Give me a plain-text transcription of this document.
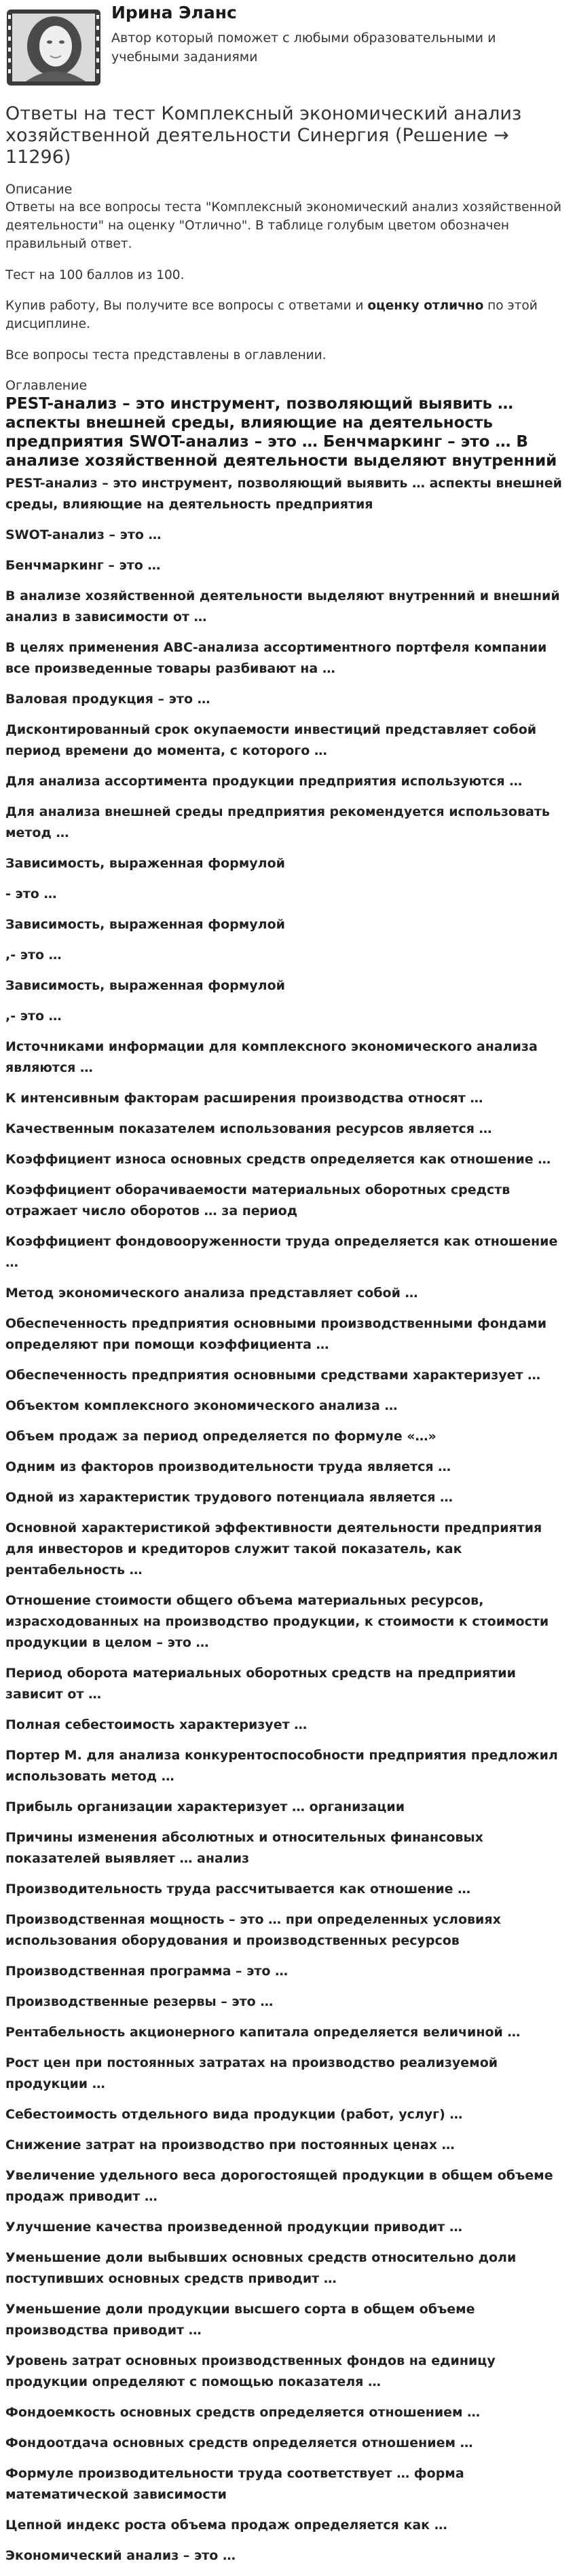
Ирина Эланс
Автор который поможет с любыми образовательными и учебными заданиями
Ответы на тест Комплексный экономический анализ хозяйственной деятельности Синергия (Решение → 11296)
Описание

Ответы на все вопросы теста "Комплексный экономический анализ хозяйственной деятельности" на оценку "Отлично". В таблице голубым цветом обозначен правильный ответ.

Тест на 100 баллов из 100.

Купив работу, Вы получите все вопросы с ответами и оценку отлично по этой дисциплине.

Все вопросы теста представлены в оглавлении.

Оглавление
PEST-анализ – это инструмент, позволяющий выявить … аспекты внешней среды, влияющие на деятельность предприятия SWOT-анализ – это … Бенчмаркинг – это … В анализе хозяйственной деятельности выделяют внутренний
PEST-анализ – это инструмент, позволяющий выявить … аспекты внешней среды, влияющие на деятельность предприятия
SWOT-анализ – это …
Бенчмаркинг – это …
В анализе хозяйственной деятельности выделяют внутренний и внешний анализ в зависимости от …
В целях применения АВС-анализа ассортиментного портфеля компании все произведенные товары разбивают на …
Валовая продукция – это …
Дисконтированный срок окупаемости инвестиций представляет собой период времени до момента, с которого …
Для анализа ассортимента продукции предприятия используются …
Для анализа внешней среды предприятия рекомендуется использовать метод …
Зависимость, выраженная формулой
- это …
Зависимость, выраженная формулой
,- это …
Зависимость, выраженная формулой
,- это …
Источниками информации для комплексного экономического анализа являются …
К интенсивным факторам расширения производства относят …
Качественным показателем использования ресурсов является …
Коэффициент износа основных средств определяется как отношение …
Коэффициент оборачиваемости материальных оборотных средств отражает число оборотов … за период
Коэффициент фондовооруженности труда определяется как отношение …
Метод экономического анализа представляет собой …
Обеспеченность предприятия основными производственными фондами определяют при помощи коэффициента …
Обеспеченность предприятия основными средствами характеризует …
Объектом комплексного экономического анализа …
Объем продаж за период определяется по формуле «…»
Одним из факторов производительности труда является …
Одной из характеристик трудового потенциала является …
Основной характеристикой эффективности деятельности предприятия для инвесторов и кредиторов служит такой показатель, как рентабельность …
Отношение стоимости общего объема материальных ресурсов, израсходованных на производство продукции, к стоимости к стоимости продукции в целом – это …
Период оборота материальных оборотных средств на предприятии зависит от …
Полная себестоимость характеризует …
Портер М. для анализа конкурентоспособности предприятия предложил использовать метод …
Прибыль организации характеризует … организации
Причины изменения абсолютных и относительных финансовых показателей выявляет … анализ
Производительность труда рассчитывается как отношение …
Производственная мощность – это … при определенных условиях использования оборудования и производственных ресурсов
Производственная программа – это …
Производственные резервы – это …
Рентабельность акционерного капитала определяется величиной …
Рост цен при постоянных затратах на производство реализуемой продукции …
Себестоимость отдельного вида продукции (работ, услуг) …
Снижение затрат на производство при постоянных ценах …
Увеличение удельного веса дорогостоящей продукции в общем объеме продаж приводит …
Улучшение качества произведенной продукции приводит …
Уменьшение доли выбывших основных средств относительно доли поступивших основных средств приводит …
Уменьшение доли продукции высшего сорта в общем объеме производства приводит …
Уровень затрат основных производственных фондов на единицу продукции определяют с помощью показателя …
Фондоемкость основных средств определяется отношением …
Фондоотдача основных средств определяется отношением …
Формуле производительности труда соответствует … форма математической зависимости
Цепной индекс роста объема продаж определяется как …
Экономический анализ – это …
